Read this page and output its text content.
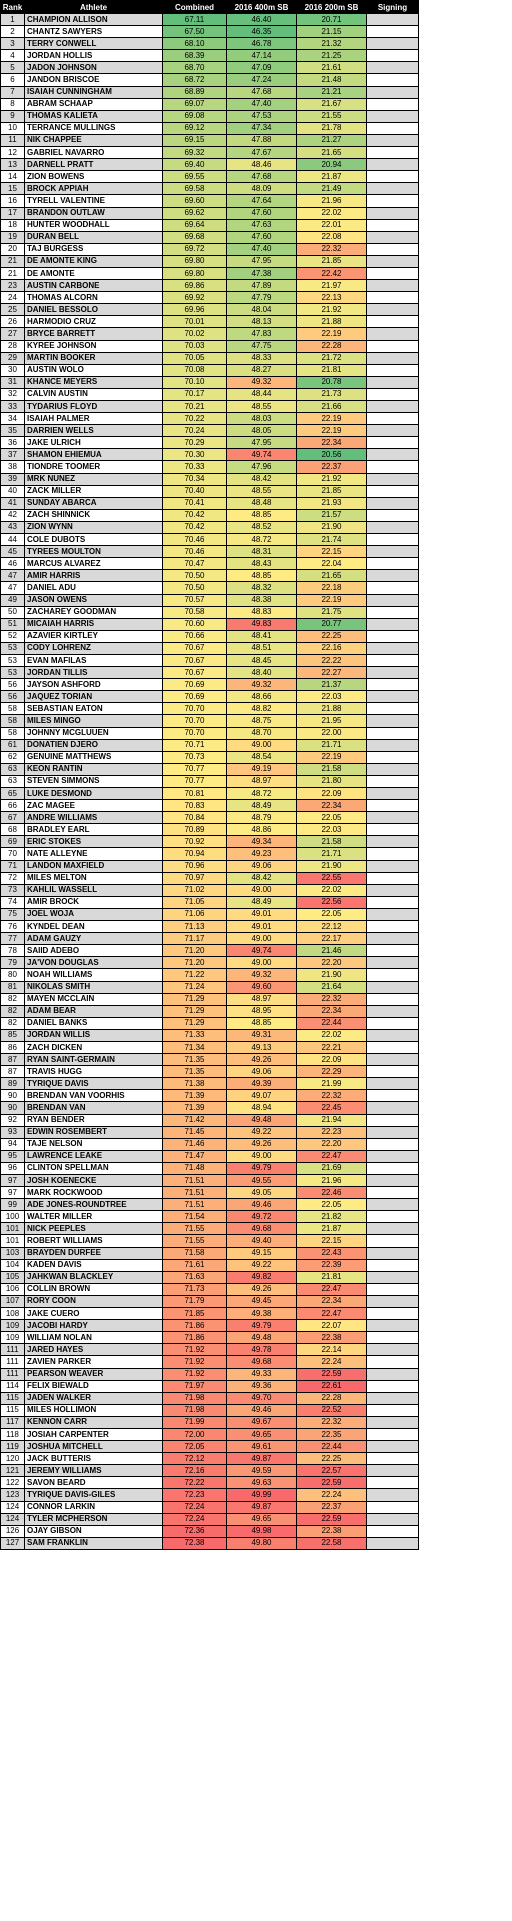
Rank	Athlete	Combined	2016 400m SB	2016 200m SB	Signing
1	CHAMPION ALLISON	67.11	46.40	20.71	
2	CHANTZ SAWYERS	67.50	46.35	21.15	
3	TERRY CONWELL	68.10	46.78	21.32	
4	JORDAN HOLLIS	68.39	47.14	21.25	
5	JADON JOHNSON	68.70	47.09	21.61	
6	JANDON BRISCOE	68.72	47.24	21.48	
7	ISAIAH CUNNINGHAM	68.89	47.68	21.21	
8	ABRAM SCHAAP	69.07	47.40	21.67	
9	THOMAS KALIETA	69.08	47.53	21.55	
10	TERRANCE MULLINGS	69.12	47.34	21.78	
11	NIK CHAPPEE	69.15	47.88	21.27	
12	GABRIEL NAVARRO	69.32	47.67	21.65	
13	DARNELL PRATT	69.40	48.46	20.94	
14	ZION BOWENS	69.55	47.68	21.87	
15	BROCK APPIAH	69.58	48.09	21.49	
16	TYRELL VALENTINE	69.60	47.64	21.96	
17	BRANDON OUTLAW	69.62	47.60	22.02	
18	HUNTER WOODHALL	69.64	47.63	22.01	
19	DURAN BELL	69.68	47.60	22.08	
20	TAJ BURGESS	69.72	47.40	22.32	
21	DE AMONTE KING	69.80	47.95	21.85	
21	DE AMONTE	69.80	47.38	22.42	
23	AUSTIN CARBONE	69.86	47.89	21.97	
24	THOMAS ALCORN	69.92	47.79	22.13	
25	DANIEL BESSOLO	69.96	48.04	21.92	
26	HARMODIO CRUZ	70.01	48.13	21.88	
27	BRYCE BARRETT	70.02	47.83	22.19	
28	KYREE JOHNSON	70.03	47.75	22.28	
29	MARTIN BOOKER	70.05	48.33	21.72	
30	AUSTIN WOLO	70.08	48.27	21.81	
31	KHANCE MEYERS	70.10	49.32	20.78	
32	CALVIN AUSTIN	70.17	48.44	21.73	
33	TYDARIUS FLOYD	70.21	48.55	21.66	
34	ISAIAH PALMER	70.22	48.03	22.19	
35	DARRIEN WELLS	70.24	48.05	22.19	
36	JAKE ULRICH	70.29	47.95	22.34	
37	SHAMON EHIEMUA	70.30	49.74	20.56	
38	TIONDRE TOOMER	70.33	47.96	22.37	
39	MRK NUNEZ	70.34	48.42	21.92	
40	ZACK MILLER	70.40	48.55	21.85	
41	SUNDAY ABARCA	70.41	48.48	21.93	
42	ZACH SHINNICK	70.42	48.85	21.57	
43	ZION WYNN	70.42	48.52	21.90	
44	COLE DUBOTS	70.46	48.72	21.74	
45	TYREES MOULTON	70.46	48.31	22.15	
46	MARCUS ALVAREZ	70.47	48.43	22.04	
47	AMIR HARRIS	70.50	48.85	21.65	
47	DANIEL ADU	70.50	48.32	22.18	
49	JASON OWENS	70.57	48.38	22.19	
50	ZACHAREY GOODMAN	70.58	48.83	21.75	
51	MICAIAH HARRIS	70.60	49.83	20.77	
52	AZAVIER KIRTLEY	70.66	48.41	22.25	
53	CODY LOHRENZ	70.67	48.51	22.16	
53	EVAN MAFILAS	70.67	48.45	22.22	
53	JORDAN TILLIS	70.67	48.40	22.27	
56	JAYSON ASHFORD	70.69	49.32	21.37	
56	JAQUEZ TORIAN	70.69	48.66	22.03	
58	SEBASTIAN EATON	70.70	48.82	21.88	
58	MILES MINGO	70.70	48.75	21.95	
58	JOHNNY MCGLUUEN	70.70	48.70	22.00	
61	DONATIEN DJERO	70.71	49.00	21.71	
62	GENUINE MATTHEWS	70.73	48.54	22.19	
63	KEON RANTIN	70.77	49.19	21.58	
63	STEVEN SIMMONS	70.77	48.97	21.80	
65	LUKE DESMOND	70.81	48.72	22.09	
66	ZAC MAGEE	70.83	48.49	22.34	
67	ANDRE WILLIAMS	70.84	48.79	22.05	
68	BRADLEY EARL	70.89	48.86	22.03	
69	ERIC STOKES	70.92	49.34	21.58	
70	NATE ALLEYNE	70.94	49.23	21.71	
71	LANDON MAXFIELD	70.96	49.06	21.90	
72	MILES MELTON	70.97	48.42	22.55	
73	KAHLIL WASSELL	71.02	49.00	22.02	
74	AMIR BROCK	71.05	48.49	22.56	
75	JOEL WOJA	71.06	49.01	22.05	
76	KYNDEL DEAN	71.13	49.01	22.12	
77	ADAM GAUZY	71.17	49.00	22.17	
78	SAIID ADEBO	71.20	49.74	21.46	
79	JA'VON DOUGLAS	71.20	49.00	22.20	
80	NOAH WILLIAMS	71.22	49.32	21.90	
81	NIKOLAS SMITH	71.24	49.60	21.64	
82	MAYEN MCCLAIN	71.29	48.97	22.32	
82	ADAM BEAR	71.29	48.95	22.34	
82	DANIEL BANKS	71.29	48.85	22.44	
85	JORDAN WILLIS	71.33	49.31	22.02	
86	ZACH DICKEN	71.34	49.13	22.21	
87	RYAN SAINT-GERMAIN	71.35	49.26	22.09	
87	TRAVIS HUGG	71.35	49.06	22.29	
89	TYRIQUE DAVIS	71.38	49.39	21.99	
90	BRENDAN VAN VOORHIS	71.39	49.07	22.32	
90	BRENDAN VAN	71.39	48.94	22.45	
92	RYAN BENDER	71.42	49.48	21.94	
93	EDWIN ROSEMBERT	71.45	49.22	22.23	
94	TAJE NELSON	71.46	49.26	22.20	
95	LAWRENCE LEAKE	71.47	49.00	22.47	
96	CLINTON SPELLMAN	71.48	49.79	21.69	
97	JOSH KOENECKE	71.51	49.55	21.96	
97	MARK ROCKWOOD	71.51	49.05	22.46	
99	ADE JONES-ROUNDTREE	71.51	49.46	22.05	
100	WALTER MILLER	71.54	49.72	21.82	
101	NICK PEEPLES	71.55	49.68	21.87	
101	ROBERT WILLIAMS	71.55	49.40	22.15	
103	BRAYDEN DURFEE	71.58	49.15	22.43	
104	KADEN DAVIS	71.61	49.22	22.39	
105	JAHKWAN BLACKLEY	71.63	49.82	21.81	
106	COLLIN BROWN	71.73	49.26	22.47	
107	RORY COON	71.79	49.45	22.34	
108	JAKE CUERO	71.85	49.38	22.47	
109	JACOBI HARDY	71.86	49.79	22.07	
109	WILLIAM NOLAN	71.86	49.48	22.38	
111	JARED HAYES	71.92	49.78	22.14	
111	ZAVIEN PARKER	71.92	49.68	22.24	
111	PEARSON WEAVER	71.92	49.33	22.59	
114	FELIX BIEWALD	71.97	49.36	22.61	
115	JADEN WALKER	71.98	49.70	22.28	
115	MILES HOLLIMON	71.98	49.46	22.52	
117	KENNON CARR	71.99	49.67	22.32	
118	JOSIAH CARPENTER	72.00	49.65	22.35	
119	JOSHUA MITCHELL	72.05	49.61	22.44	
120	JACK BUTTERIS	72.12	49.87	22.25	
121	JEREMY WILLIAMS	72.16	49.59	22.57	
122	SAVON BEARD	72.22	49.63	22.59	
123	TYRIQUE DAVIS-GILES	72.23	49.99	22.24	
124	CONNOR LARKIN	72.24	49.87	22.37	
124	TYLER MCPHERSON	72.24	49.65	22.59	
126	OJAY GIBSON	72.36	49.98	22.38	
127	SAM FRANKLIN	72.38	49.80	22.58	
